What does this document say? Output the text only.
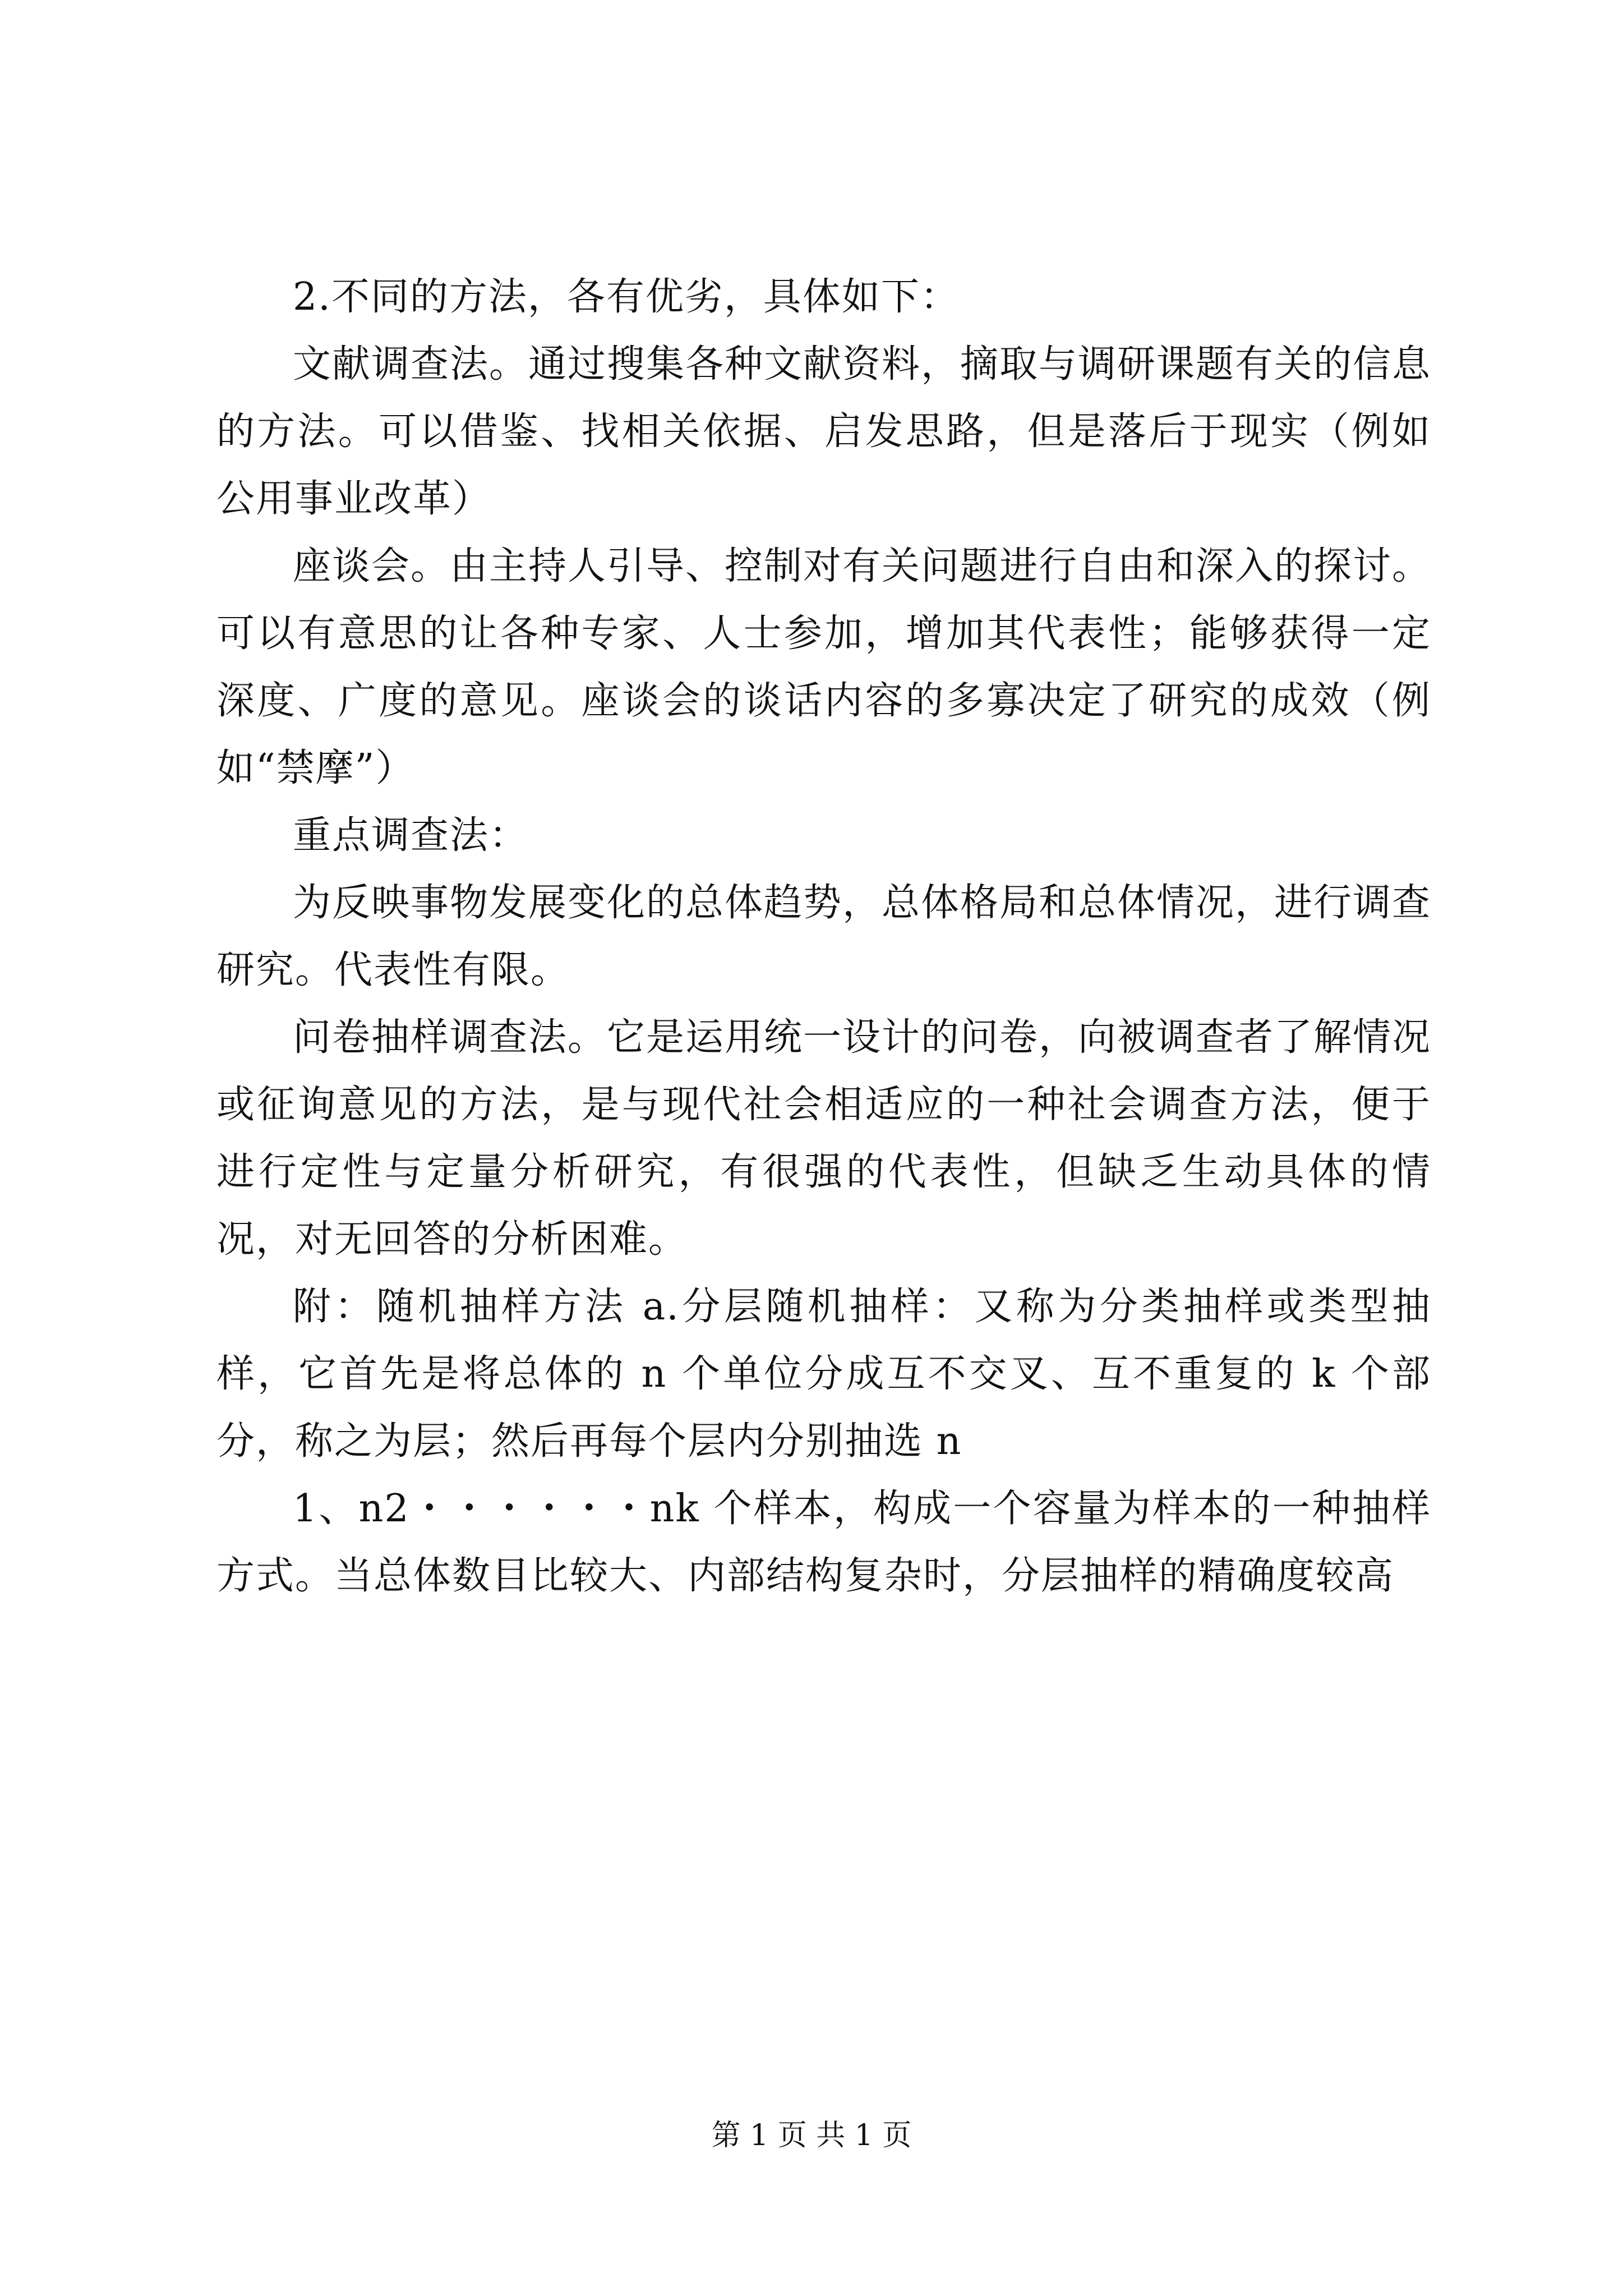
2.不同的方法，各有优劣，具体如下：

文献调查法。通过搜集各种文献资料，摘取与调研课题有关的信息的方法。可以借鉴、找相关依据、启发思路，但是落后于现实（例如公用事业改革）

座谈会。由主持人引导、控制对有关问题进行自由和深入的探讨。可以有意思的让各种专家、人士参加，增加其代表性；能够获得一定深度、广度的意见。座谈会的谈话内容的多寡决定了研究的成效（例如“禁摩”）

重点调查法：

为反映事物发展变化的总体趋势，总体格局和总体情况，进行调查研究。代表性有限。

问卷抽样调查法。它是运用统一设计的问卷，向被调查者了解情况或征询意见的方法，是与现代社会相适应的一种社会调查方法，便于进行定性与定量分析研究，有很强的代表性，但缺乏生动具体的情况，对无回答的分析困难。

附：随机抽样方法 a.分层随机抽样：又称为分类抽样或类型抽样，它首先是将总体的 n 个单位分成互不交叉、互不重复的 k 个部分，称之为层；然后再每个层内分别抽选 n

1、n2・・・・・・nk 个样本，构成一个容量为样本的一种抽样方式。当总体数目比较大、内部结构复杂时，分层抽样的精确度较高

第 1 页 共 1 页
